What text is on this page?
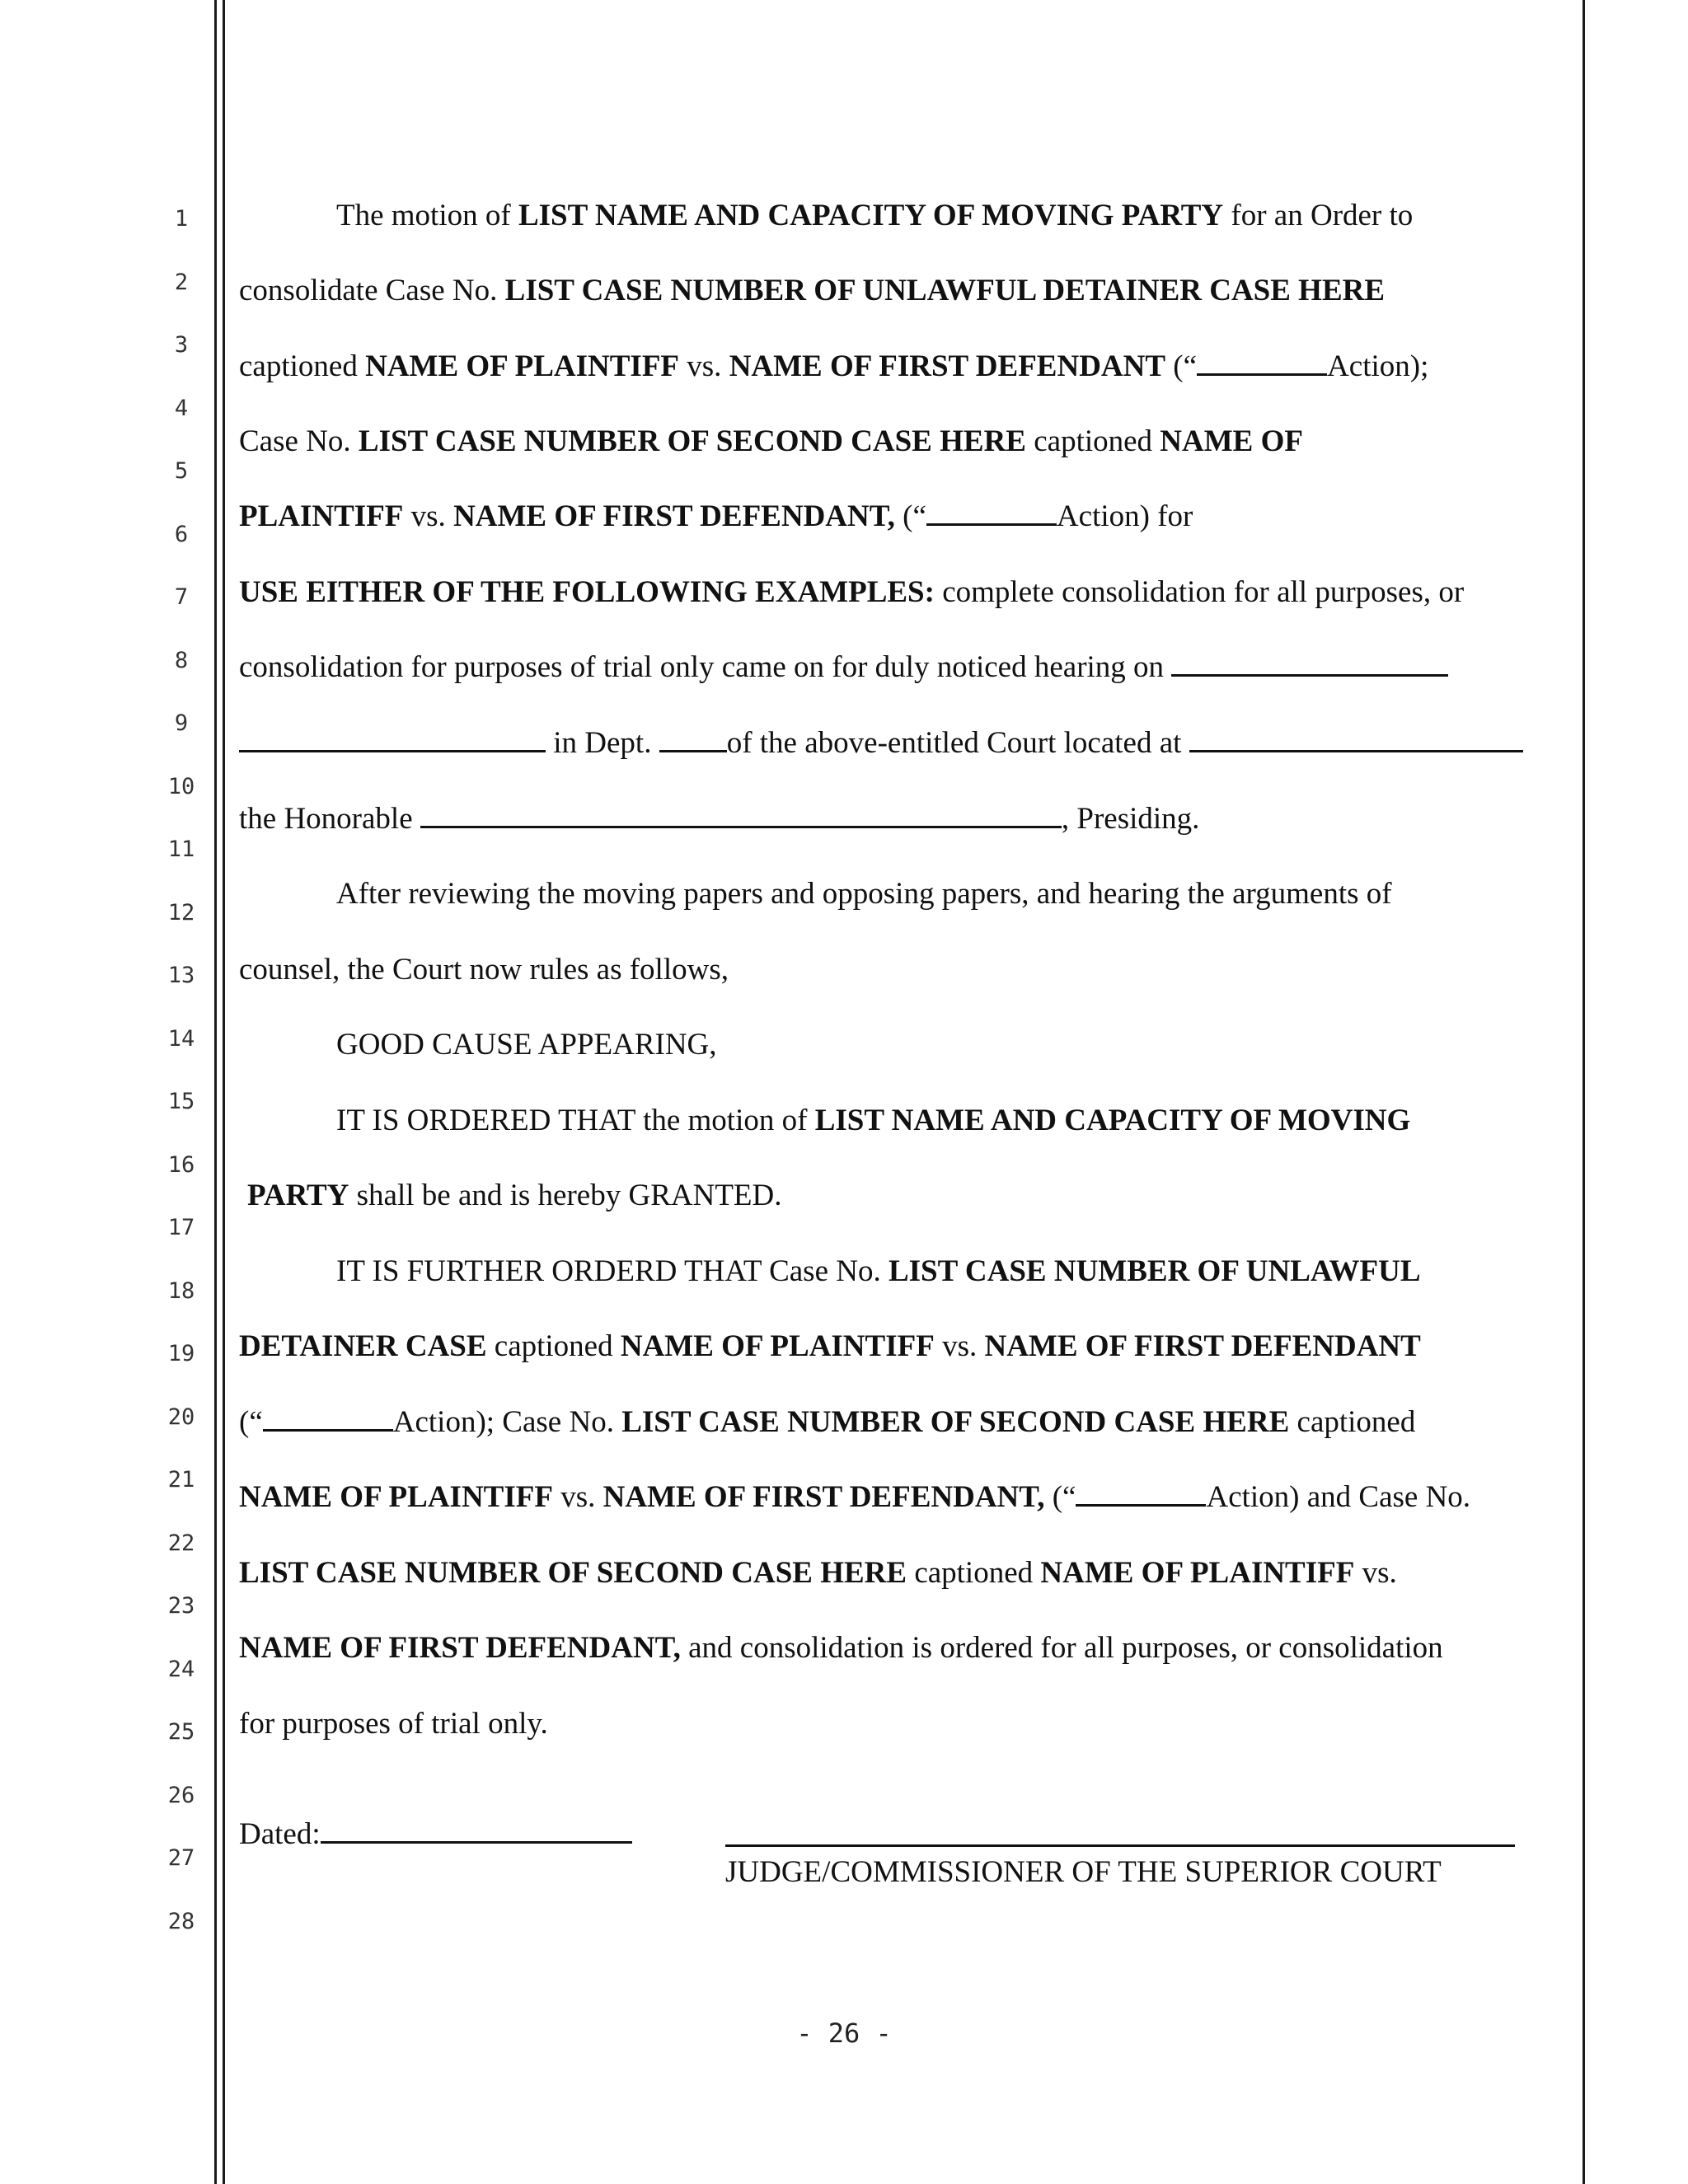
1
2
3
4
5
6
7
8
9
10
11
12
13
14
15
16
17
18
19
20
21
22
23
24
25
26
27
28
The motion of LIST NAME AND CAPACITY OF MOVING PARTY for an Order to
consolidate Case No. LIST CASE NUMBER OF UNLAWFUL DETAINER CASE HERE
captioned NAME OF PLAINTIFF vs. NAME OF FIRST DEFENDANT (“	Action);
Case No. LIST CASE NUMBER OF SECOND CASE HERE captioned NAME OF
PLAINTIFF vs. NAME OF FIRST DEFENDANT, (“	Action) for
USE EITHER OF THE FOLLOWING EXAMPLES: complete consolidation for all purposes, or
consolidation for purposes of trial only came on for duly noticed hearing on
in Dept. of the above-entitled Court located at
the Honorable	, Presiding.
After reviewing the moving papers and opposing papers, and hearing the arguments of
counsel, the Court now rules as follows,
GOOD CAUSE APPEARING,
IT IS ORDERED THAT the motion of LIST NAME AND CAPACITY OF MOVING
PARTY shall be and is hereby GRANTED.
IT IS FURTHER ORDERD THAT Case No. LIST CASE NUMBER OF UNLAWFUL
DETAINER CASE captioned NAME OF PLAINTIFF vs. NAME OF FIRST DEFENDANT
(“	Action); Case No. LIST CASE NUMBER OF SECOND CASE HERE captioned
NAME OF PLAINTIFF vs. NAME OF FIRST DEFENDANT, (“	Action) and Case No.
LIST CASE NUMBER OF SECOND CASE HERE captioned NAME OF PLAINTIFF vs.
NAME OF FIRST DEFENDANT, and consolidation is ordered for all purposes, or consolidation
for purposes of trial only.
Dated:
JUDGE/COMMISSIONER OF THE SUPERIOR COURT
- 26 -
